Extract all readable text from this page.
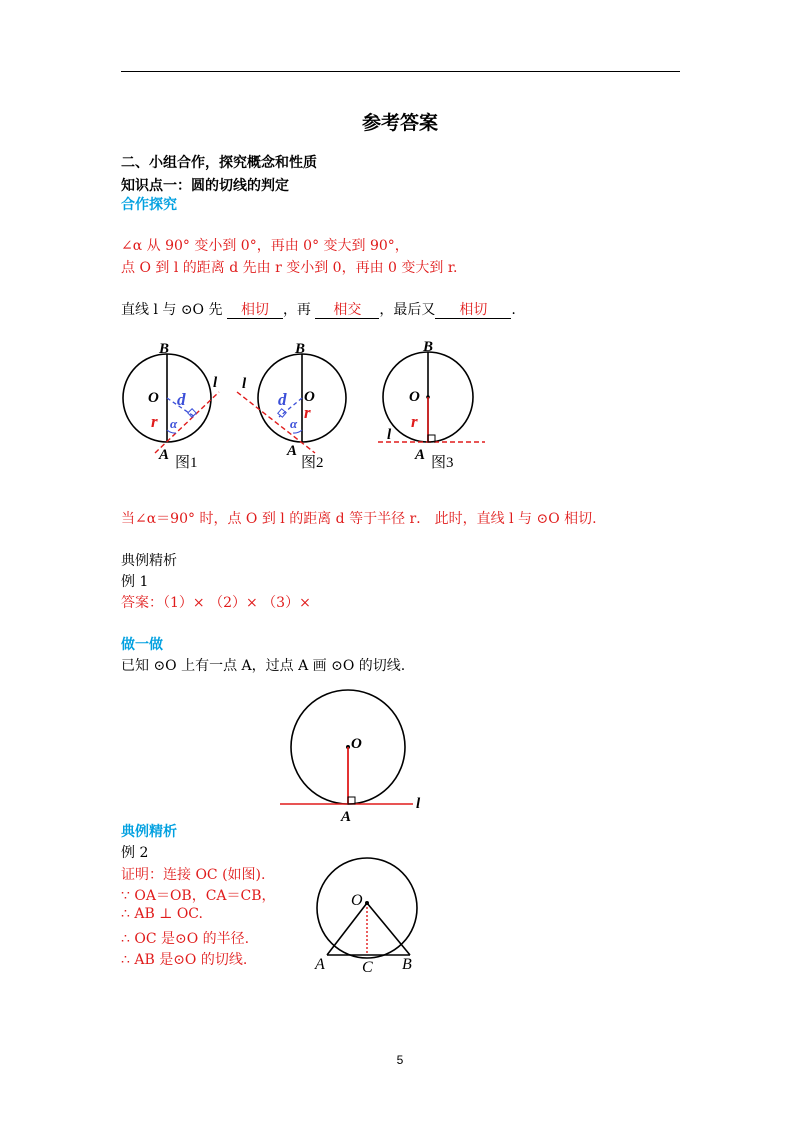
参考答案
二、小组合作，探究概念和性质
知识点一：圆的切线的判定
合作探究
∠α 从 90° 变小到 0°，再由 0° 变大到 90°，
点 O 到 l 的距离 d 先由 r 变小到 0，再由 0 变大到 r.
直线 l 与 ⊙O 先 相切 ，再 相交 ，最后又 相切 .
B
O d
r α
l
A 图1
B
O
d
r
α
l
A
图2
B
O
r
l
A 图3
当∠α＝90° 时，点 O 到 l 的距离 d 等于半径 r． 此时，直线 l 与 ⊙O 相切.
典例精析
例 1
答案：（1）× （2）× （3）×
做一做
已知 ⊙O 上有一点 A，过点 A 画 ⊙O 的切线.
O
l
A
典例精析
例 2
证明：连接 OC (如图).
∵ OA＝OB，CA＝CB，
∴ AB ⊥ OC.
∴ OC 是⊙O 的半径.
∴ AB 是⊙O 的切线.
O
A C B
5
